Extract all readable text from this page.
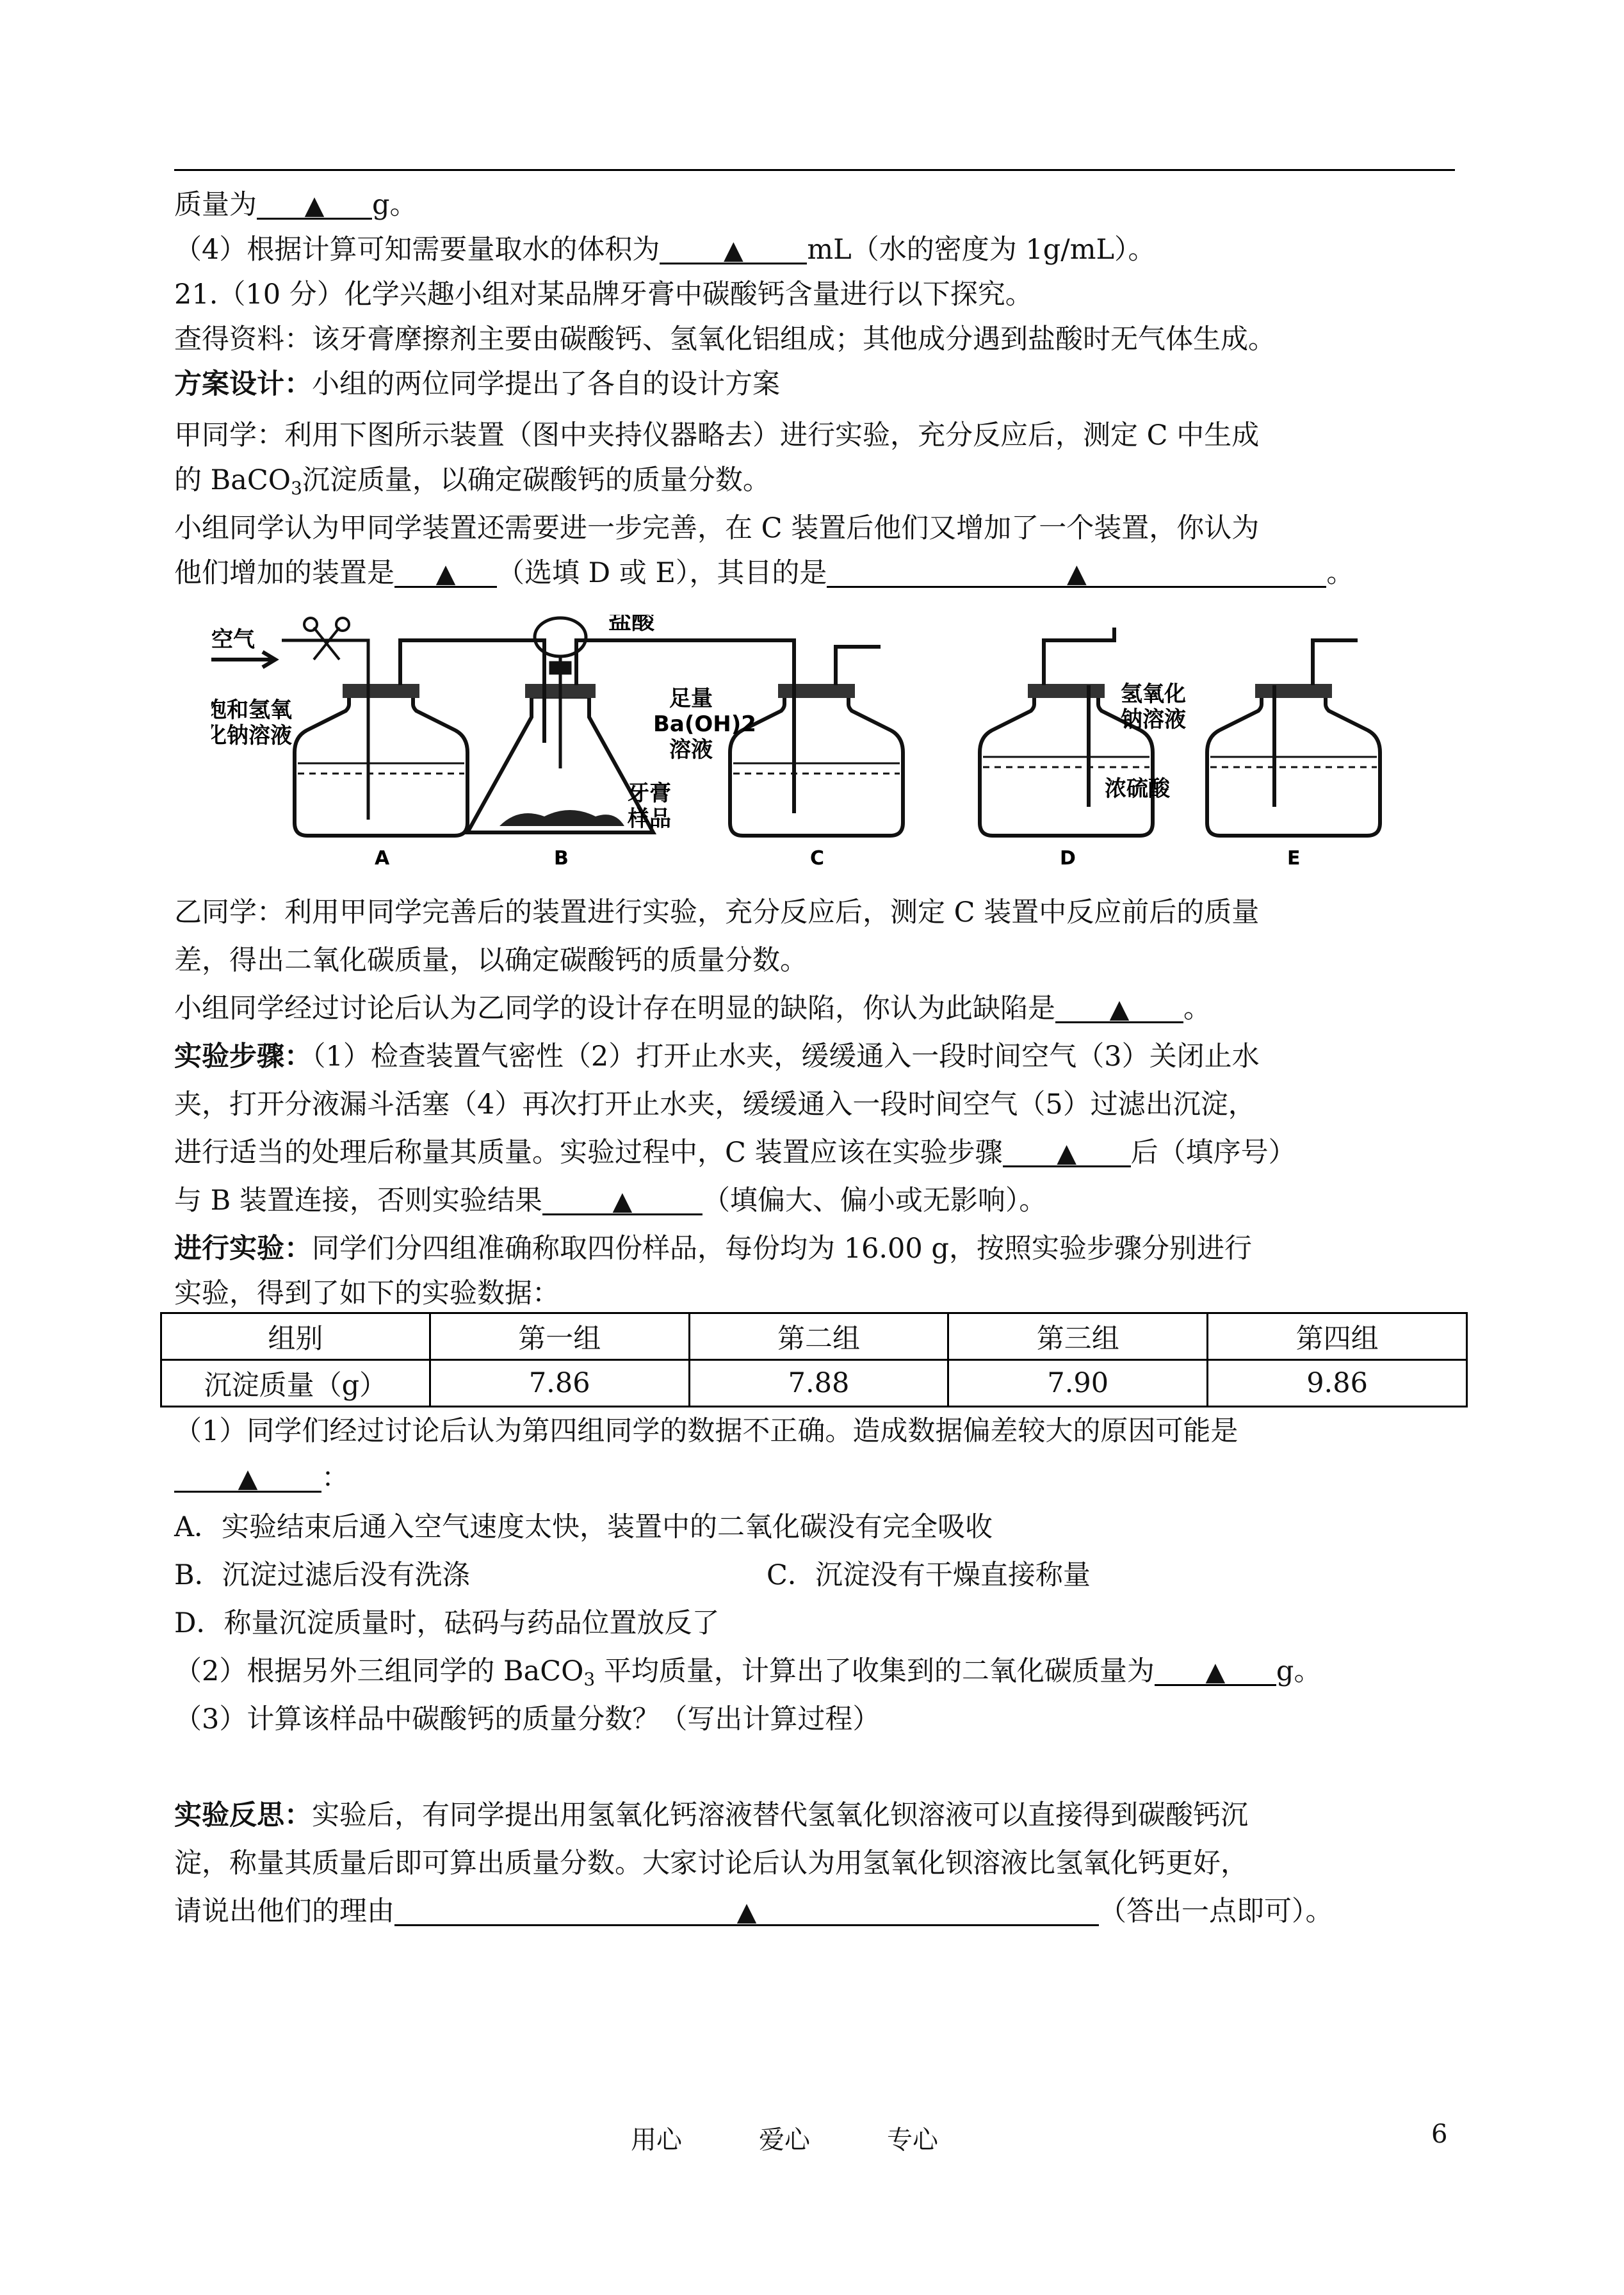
质量为 ▲ g。
（4）根据计算可知需要量取水的体积为 ▲ mL（水的密度为 1g/mL）。
21.（10 分）化学兴趣小组对某品牌牙膏中碳酸钙含量进行以下探究。
查得资料：该牙膏摩擦剂主要由碳酸钙、氢氧化铝组成；其他成分遇到盐酸时无气体生成。
方案设计：小组的两位同学提出了各自的设计方案
甲同学：利用下图所示装置（图中夹持仪器略去）进行实验，充分反应后，测定 C 中生成
的 BaCO$_3$沉淀质量，以确定碳酸钙的质量分数。
小组同学认为甲同学装置还需要进一步完善，在 C 装置后他们又增加了一个装置，你认为
他们增加的装置是 ▲ （选填 D 或 E），其目的是	▲	。
空气
盐酸
饱和氢氧
化钠溶液
牙膏
样品
足量
Ba(OH)2
溶液
浓硫酸
氢氧化
钠溶液
A	B	C	D	E
乙同学：利用甲同学完善后的装置进行实验，充分反应后，测定 C 装置中反应前后的质量
差，得出二氧化碳质量，以确定碳酸钙的质量分数。
小组同学经过讨论后认为乙同学的设计存在明显的缺陷，你认为此缺陷是 ▲ 。
实验步骤：（1）检查装置气密性（2）打开止水夹，缓缓通入一段时间空气（3）关闭止水
夹，打开分液漏斗活塞（4）再次打开止水夹，缓缓通入一段时间空气（5）过滤出沉淀，
进行适当的处理后称量其质量。实验过程中，C 装置应该在实验步骤 ▲ 后（填序号）
与 B 装置连接，否则实验结果	▲	（填偏大、偏小或无影响）。
进行实验：同学们分四组准确称取四份样品，每份均为 16.00 g，按照实验步骤分别进行
实验，得到了如下的实验数据：
组别	第一组	第二组	第三组	第四组
沉淀质量（g）	7.86	7.88	7.90	9.86
（1）同学们经过讨论后认为第四组同学的数据不正确。造成数据偏差较大的原因可能是
▲ ：
A．实验结束后通入空气速度太快，装置中的二氧化碳没有完全吸收
B．沉淀过滤后没有洗涤	C．沉淀没有干燥直接称量
D．称量沉淀质量时，砝码与药品位置放反了
（2）根据另外三组同学的 BaCO$_3$ 平均质量，计算出了收集到的二氧化碳质量为 ▲ g。
（3）计算该样品中碳酸钙的质量分数？（写出计算过程）
实验反思：实验后，有同学提出用氢氧化钙溶液替代氢氧化钡溶液可以直接得到碳酸钙沉
淀，称量其质量后即可算出质量分数。大家讨论后认为用氢氧化钡溶液比氢氧化钙更好，
请说出他们的理由	▲	（答出一点即可）。
用心	爱心	专心	6
